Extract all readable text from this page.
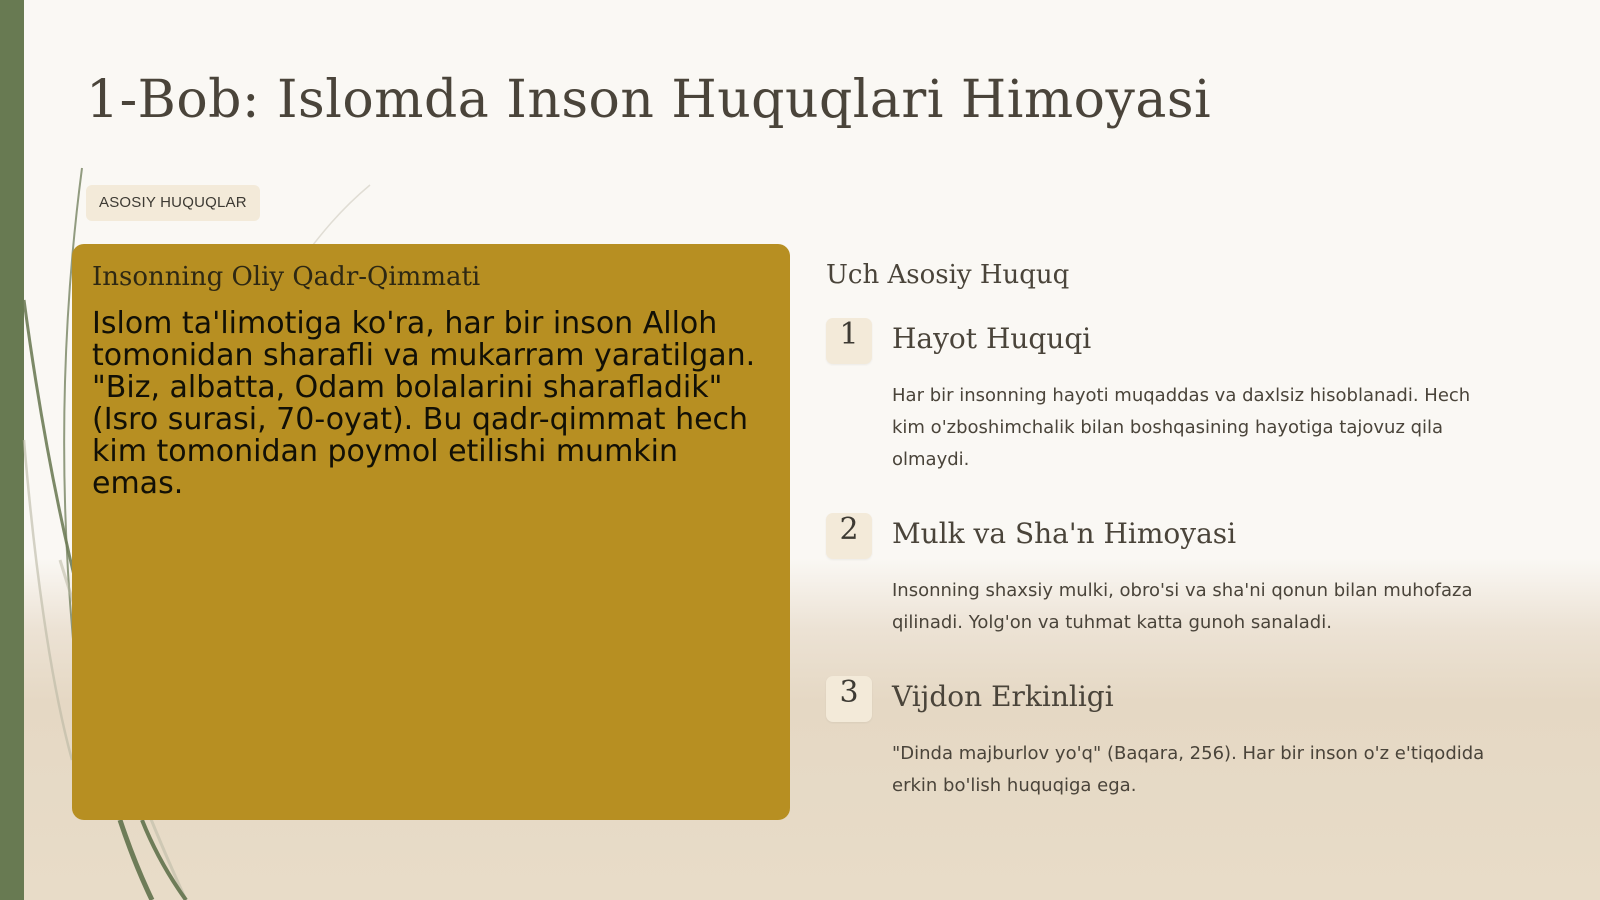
1-Bob: Islomda Inson Huquqlari Himoyasi
ASOSIY HUQUQLAR
Insonning Oliy Qadr-Qimmati

Islom ta'limotiga ko'ra, har bir inson Alloh tomonidan sharafli va mukarram yaratilgan. "Biz, albatta, Odam bolalarini sharafladik" (Isro surasi, 70-oyat). Bu qadr-qimmat hech kim tomonidan poymol etilishi mumkin emas.

Uch Asosiy Huquq
1	Hayot Huquqi

Har bir insonning hayoti muqaddas va daxlsiz hisoblanadi. Hech kim o'zboshimchalik bilan boshqasining hayotiga tajovuz qila olmaydi.

2	Mulk va Sha'n Himoyasi

Insonning shaxsiy mulki, obro'si va sha'ni qonun bilan muhofaza qilinadi. Yolg'on va tuhmat katta gunoh sanaladi.

3	Vijdon Erkinligi

"Dinda majburlov yo'q" (Baqara, 256). Har bir inson o'z e'tiqodida erkin bo'lish huquqiga ega.
